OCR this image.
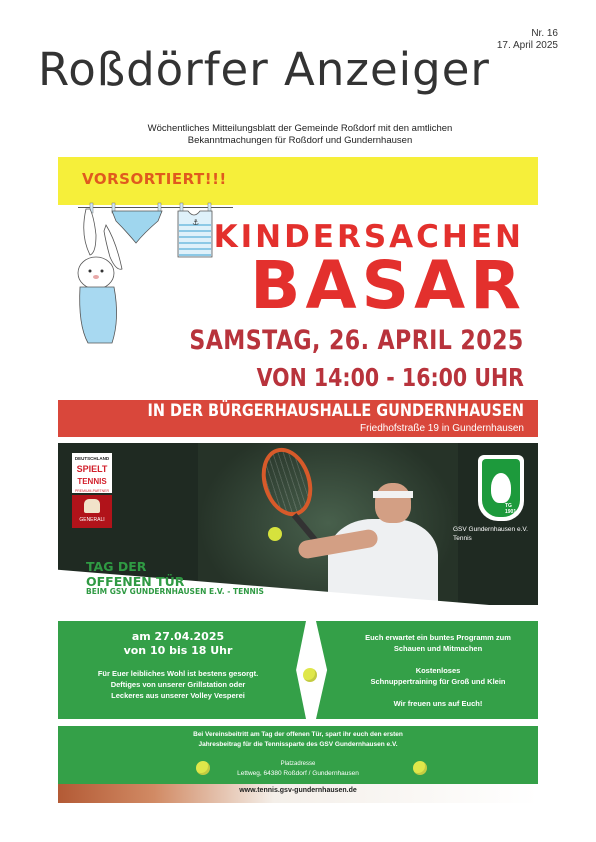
Nr. 16
17. April 2025
Roßdörfer Anzeiger
Wöchentliches Mitteilungsblatt der Gemeinde Roßdorf mit den amtlichen
Bekanntmachungen für Roßdorf und Gundernhausen
VORSORTIERT!!!
⚓ KINDERSACHEN
BASAR
SAMSTAG, 26. APRIL 2025
VON 14:00 - 16:00 UHR
IN DER BÜRGERHAUSHALLE GUNDERNHAUSEN
Friedhofstraße 19 in Gundernhausen
TG
1901
GSV Gundernhausen e.V. Tennis
DEUTSCHLAND
SPIELT
TENNIS
PREMIUM-PARTNER
GENERALI
TAG DER
OFFENEN TÜR
BEIM GSV GUNDERNHAUSEN E.V. - TENNIS
am 27.04.2025
von 10 bis 18 Uhr
Für Euer leibliches Wohl ist bestens gesorgt.
Deftiges von unserer Grillstation oder
Leckeres aus unserer Volley Vesperei
Euch erwartet ein buntes Programm zum
Schauen und Mitmachen
Kostenloses
Schnuppertraining für Groß und Klein
Wir freuen uns auf Euch!
Bei Vereinsbeitritt am Tag der offenen Tür, spart ihr euch den ersten
Jahresbeitrag für die Tennissparte des GSV Gundernhausen e.V.
Platzadresse
Lettweg, 64380 Roßdorf / Gundernhausen
www.tennis.gsv-gundernhausen.de
